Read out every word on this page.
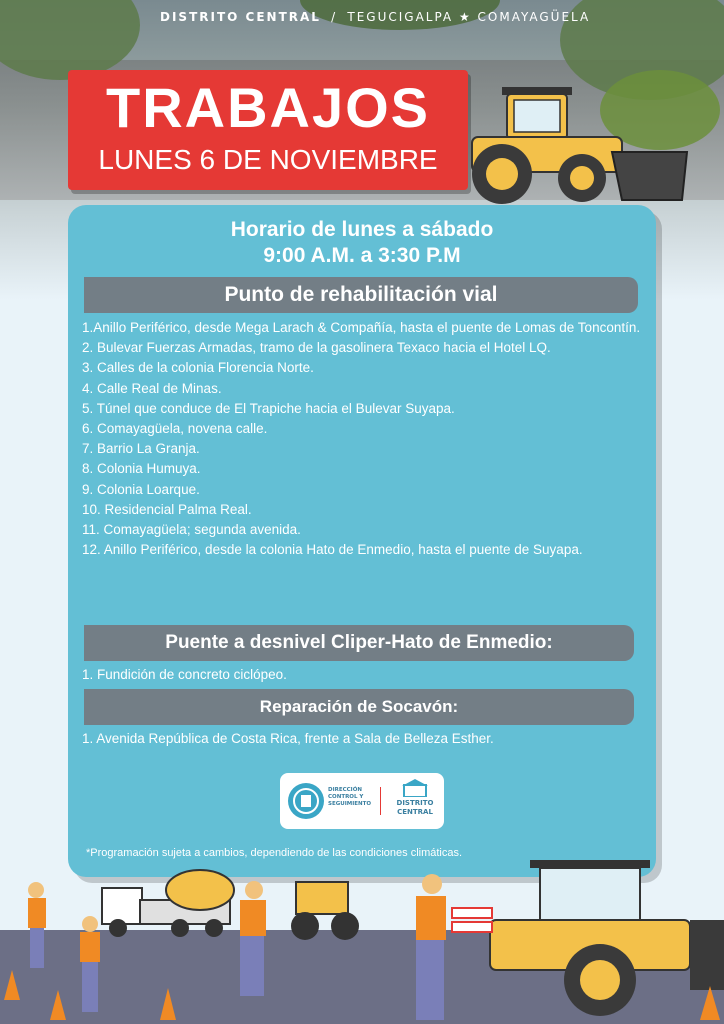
DISTRITO CENTRAL / TEGUCIGALPA ★ COMAYAGÜELA
TRABAJOS
LUNES 6 DE NOVIEMBRE
Horario de lunes a sábado
9:00 A.M. a 3:30 P.M
Punto de rehabilitación vial
1.Anillo Periférico, desde Mega Larach & Compañía, hasta el puente de Lomas de Toncontín.
2. Bulevar Fuerzas Armadas, tramo de la gasolinera Texaco hacia el Hotel LQ.
3. Calles de la colonia Florencia Norte.
4. Calle Real de Minas.
5. Túnel que conduce de El Trapiche hacia el Bulevar Suyapa.
6. Comayagüela, novena calle.
7. Barrio La Granja.
8. Colonia Humuya.
9. Colonia Loarque.
10. Residencial Palma Real.
11. Comayagüela; segunda avenida.
12. Anillo Periférico, desde la colonia Hato de Enmedio, hasta el puente de Suyapa.
Puente a desnivel Cliper-Hato de Enmedio:
1. Fundición de concreto ciclópeo.
Reparación de Socavón:
1. Avenida República de Costa Rica, frente a Sala de Belleza Esther.
DIRECCIÓN CONTROL Y SEGUIMIENTO	DISTRITO CENTRAL
*Programación sujeta a cambios, dependiendo de las condiciones climáticas.
